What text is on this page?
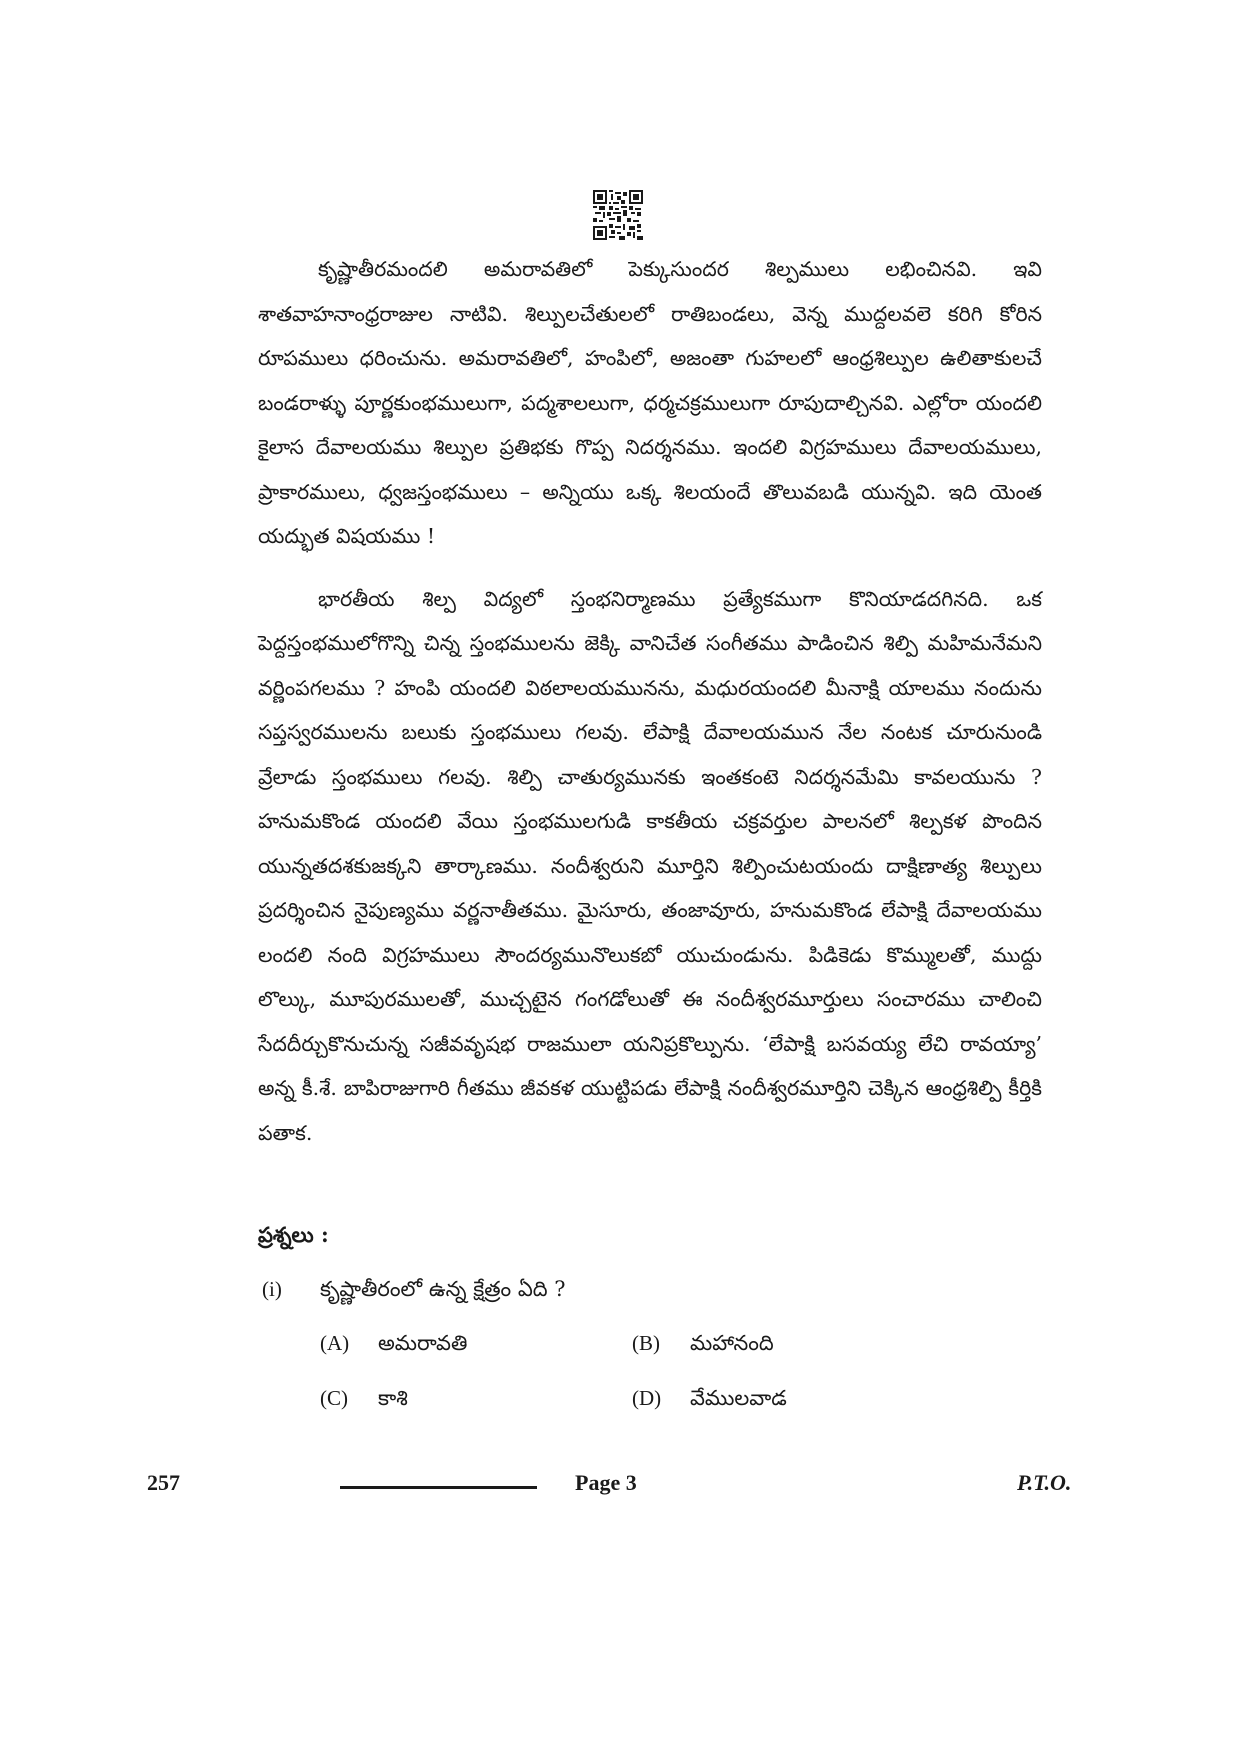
కృష్ణాతీరమందలి అమరావతిలో పెక్కుసుందర శిల్పములు లభించినవి. ఇవి శాతవాహనాంధ్రరాజుల నాటివి. శిల్పులచేతులలో రాతిబండలు, వెన్న ముద్దలవలె కరిగి కోరిన రూపములు ధరించును. అమరావతిలో, హంపిలో, అజంతా గుహలలో ఆంధ్రశిల్పుల ఉలితాకులచే బండరాళ్ళు పూర్ణకుంభములుగా, పద్మశాలలుగా, ధర్మచక్రములుగా రూపుదాల్చినవి. ఎల్లోరా యందలి కైలాస దేవాలయము శిల్పుల ప్రతిభకు గొప్ప నిదర్శనము. ఇందలి విగ్రహములు దేవాలయములు, ప్రాకారములు, ధ్వజస్తంభములు – అన్నియు ఒక్క శిలయందే తొలువబడి యున్నవి. ఇది యెంత యద్భుత విషయము !

భారతీయ శిల్ప విద్యలో స్తంభనిర్మాణము ప్రత్యేకముగా కొనియాడదగినది. ఒక పెద్దస్తంభములోగొన్ని చిన్న స్తంభములను జెక్కి వానిచేత సంగీతము పాడించిన శిల్పి మహిమనేమని వర్ణింపగలము ? హంపి యందలి విఠలాలయమునను, మధురయందలి మీనాక్షి యాలము నందును సప్తస్వరములను బలుకు స్తంభములు గలవు. లేపాక్షి దేవాలయమున నేల నంటక చూరునుండి వ్రేలాడు స్తంభములు గలవు. శిల్పి చాతుర్యమునకు ఇంతకంటె నిదర్శనమేమి కావలయును ? హనుమకొండ యందలి వేయి స్తంభములగుడి కాకతీయ చక్రవర్తుల పాలనలో శిల్పకళ పొందిన యున్నతదశకుజక్కని తార్కాణము. నందీశ్వరుని మూర్తిని శిల్పించుటయందు దాక్షిణాత్య శిల్పులు ప్రదర్శించిన నైపుణ్యము వర్ణనాతీతము. మైసూరు, తంజావూరు, హనుమకొండ లేపాక్షి దేవాలయము లందలి నంది విగ్రహములు సౌందర్యమునొలుకబో యుచుండును. పిడికెడు కొమ్ములతో, ముద్దు లొల్కు, మూపురములతో, ముచ్చటైన గంగడోలుతో ఈ నందీశ్వరమూర్తులు సంచారము చాలించి సేదదీర్చుకొనుచున్న సజీవవృషభ రాజములా యనిప్రకొల్పును. ‘లేపాక్షి బసవయ్య లేచి రావయ్యా’ అన్న కీ.శే. బాపిరాజుగారి గీతము జీవకళ యుట్టిపడు లేపాక్షి నందీశ్వరమూర్తిని చెక్కిన ఆంధ్రశిల్పి కీర్తికి పతాక.

ప్రశ్నలు :
(i) కృష్ణాతీరంలో ఉన్న క్షేత్రం ఏది ?
(A) అమరావతి	(B) మహానంది
(C) కాశి	(D) వేములవాడ
257	Page 3	P.T.O.
